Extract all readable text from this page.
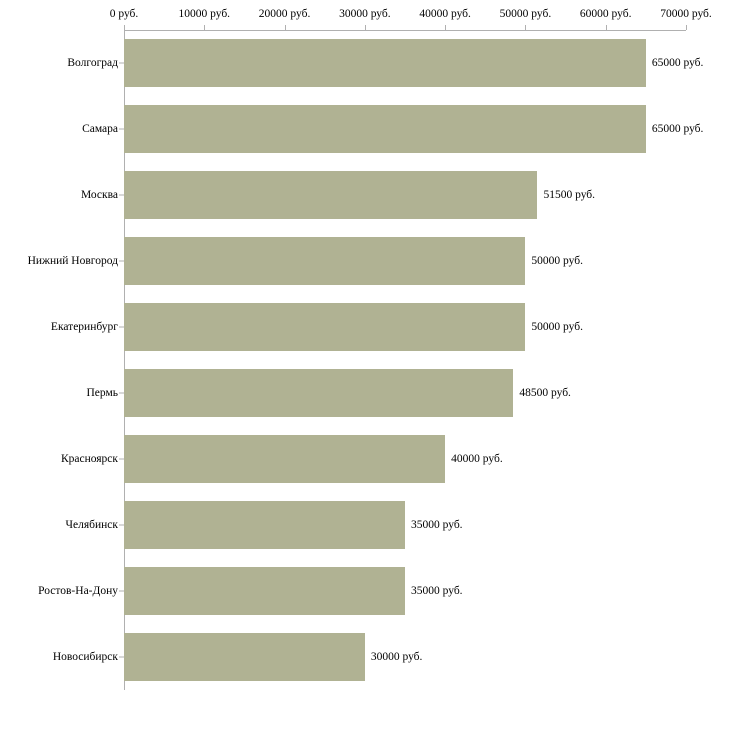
Волгоград	65000 руб.
Самара	65000 руб.
Москва	51500 руб.
Нижний Новгород	50000 руб.
Екатеринбург	50000 руб.
Пермь	48500 руб.
Красноярск	40000 руб.
Челябинск	35000 руб.
Ростов-На-Дону	35000 руб.
Новосибирск	30000 руб.
0 руб.	10000 руб. 20000 руб. 30000 руб. 40000 руб. 50000 руб. 60000 руб. 70000 руб.
